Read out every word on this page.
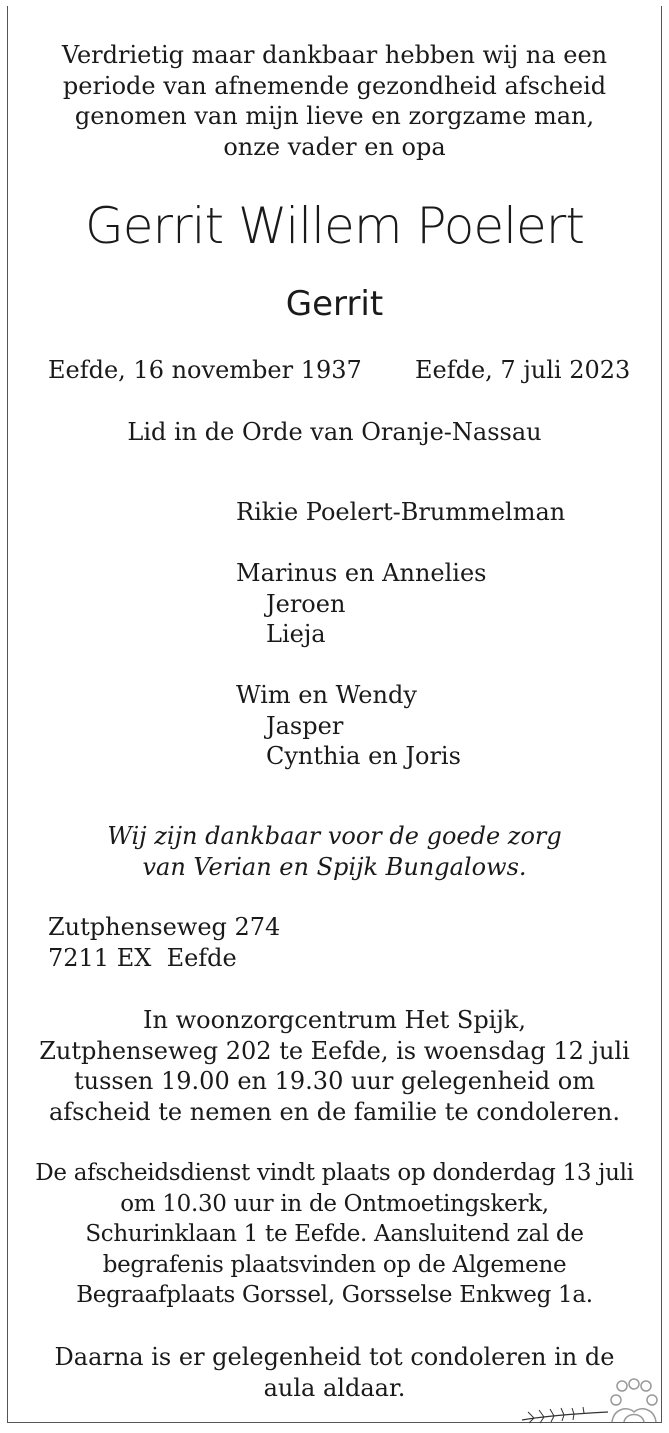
Verdrietig maar dankbaar hebben wij na een
periode van afnemende gezondheid afscheid
genomen van mijn lieve en zorgzame man,
onze vader en opa
Gerrit Willem Poelert
Gerrit
Eefde, 16 november 1937 Eefde, 7 juli 2023
Lid in de Orde van Oranje-Nassau
Rikie Poelert-Brummelman
Marinus en Annelies
Jeroen
Lieja
Wim en Wendy
Jasper
Cynthia en Joris
Wij zijn dankbaar voor de goede zorg
van Verian en Spijk Bungalows.
Zutphenseweg 274
7211 EX  Eefde
In woonzorgcentrum Het Spijk,
Zutphenseweg 202 te Eefde, is woensdag 12 juli
tussen 19.00 en 19.30 uur gelegenheid om
afscheid te nemen en de familie te condoleren.
De afscheidsdienst vindt plaats op donderdag 13 juli
om 10.30 uur in de Ontmoetingskerk,
Schurinklaan 1 te Eefde. Aansluitend zal de
begrafenis plaatsvinden op de Algemene
Begraafplaats Gorssel, Gorsselse Enkweg 1a.
Daarna is er gelegenheid tot condoleren in de
aula aldaar.
